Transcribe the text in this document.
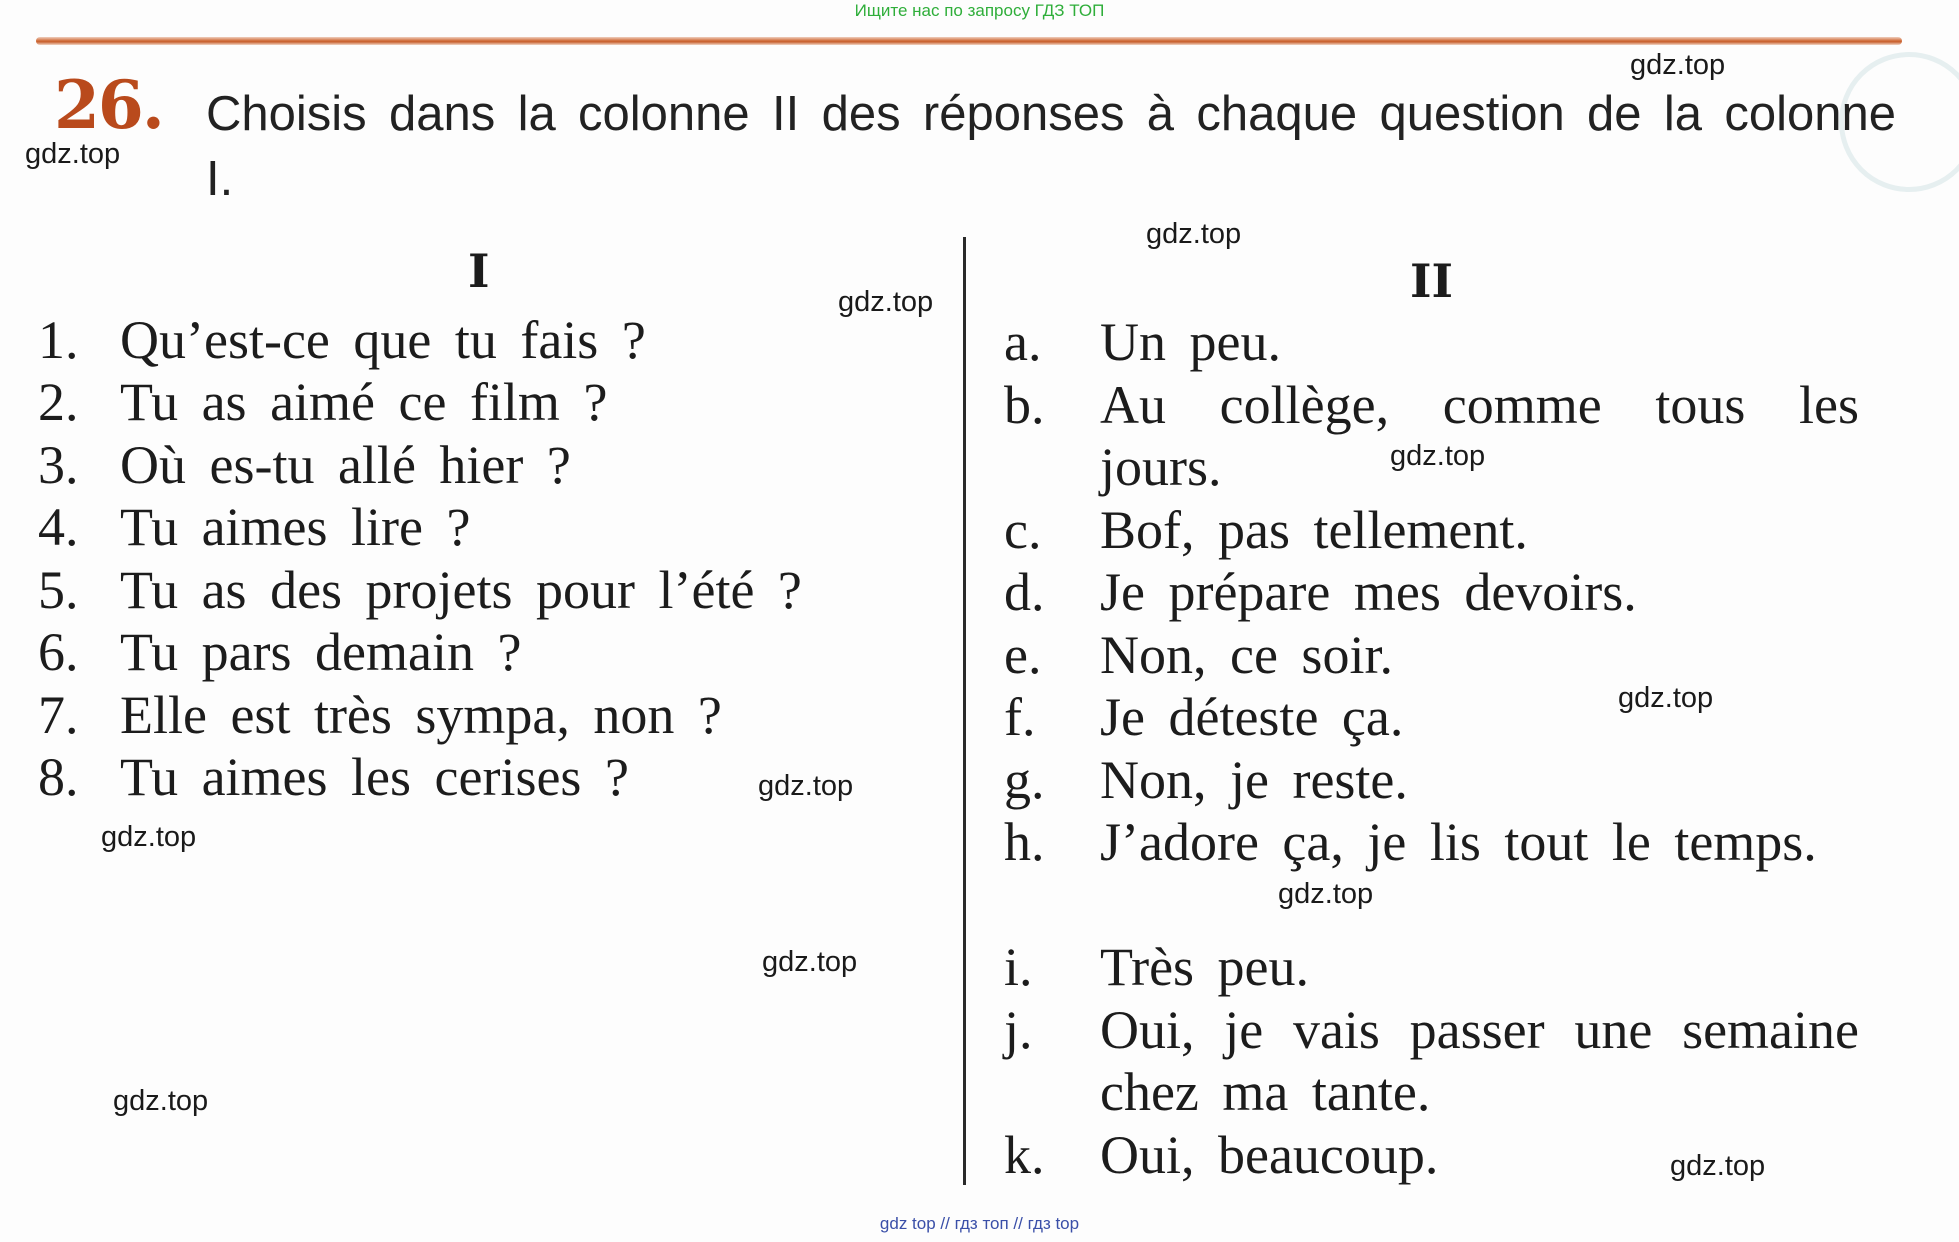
Ищите нас по запросу ГДЗ ТОП
26. Choisis dans la colonne II des réponses à chaque question de la colonne I.
I	II
1. Qu’est-ce que tu fais ?
2. Tu as aimé ce film ?
3. Où es-tu allé hier ?
4. Tu aimes lire ?
5. Tu as des projets pour l’été ?
6. Tu pars demain ?
7. Elle est très sympa, non ?
8. Tu aimes les cerises ?
a.	Un peu.
b.	Au collège, comme tous les jours.
c.	Bof, pas tellement.
d.	Je prépare mes devoirs.
e.	Non, ce soir.
f.	Je déteste ça.
g.	Non, je reste.
h.	J’adore ça, je lis tout le temps.
i.	Très peu.
j.	Oui, je vais passer une semaine chez ma tante.
k.	Oui, beaucoup.
gdz.top
gdz.top
gdz.top
gdz.top
gdz.top
gdz.top
gdz.top
gdz.top
gdz.top
gdz.top
gdz.top
gdz.top
gdz top // гдз топ // гдз top
